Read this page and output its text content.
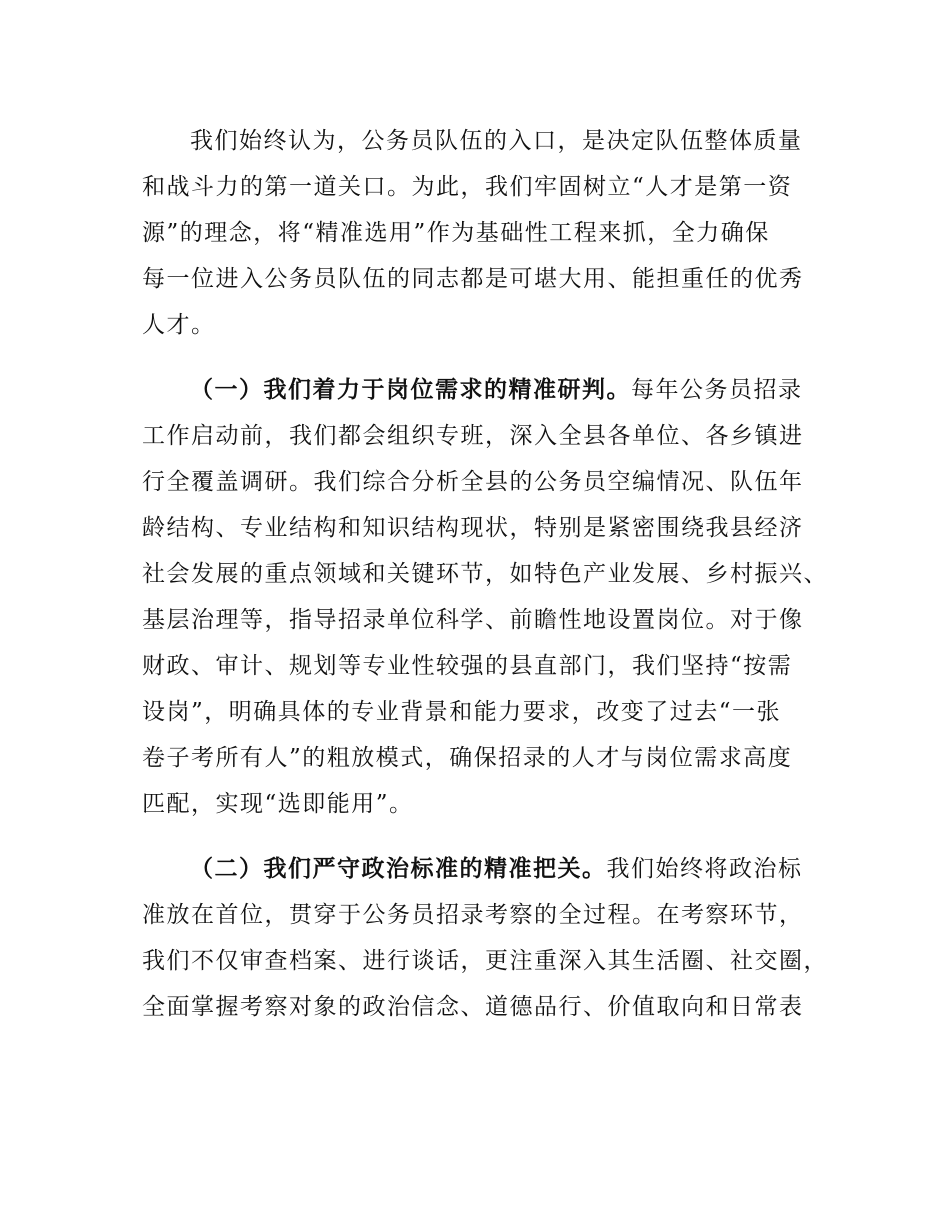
我们始终认为，公务员队伍的入口，是决定队伍整体质量
和战斗力的第一道关口。为此，我们牢固树立“人才是第一资
源”的理念，将“精准选用”作为基础性工程来抓，全力确保
每一位进入公务员队伍的同志都是可堪大用、能担重任的优秀
人才。
（一）我们着力于岗位需求的精准研判。每年公务员招录
工作启动前，我们都会组织专班，深入全县各单位、各乡镇进
行全覆盖调研。我们综合分析全县的公务员空编情况、队伍年
龄结构、专业结构和知识结构现状，特别是紧密围绕我县经济
社会发展的重点领域和关键环节，如特色产业发展、乡村振兴、
基层治理等，指导招录单位科学、前瞻性地设置岗位。对于像
财政、审计、规划等专业性较强的县直部门，我们坚持“按需
设岗”，明确具体的专业背景和能力要求，改变了过去“一张
卷子考所有人”的粗放模式，确保招录的人才与岗位需求高度
匹配，实现“选即能用”。
（二）我们严守政治标准的精准把关。我们始终将政治标
准放在首位，贯穿于公务员招录考察的全过程。在考察环节，
我们不仅审查档案、进行谈话，更注重深入其生活圈、社交圈，
全面掌握考察对象的政治信念、道德品行、价值取向和日常表
